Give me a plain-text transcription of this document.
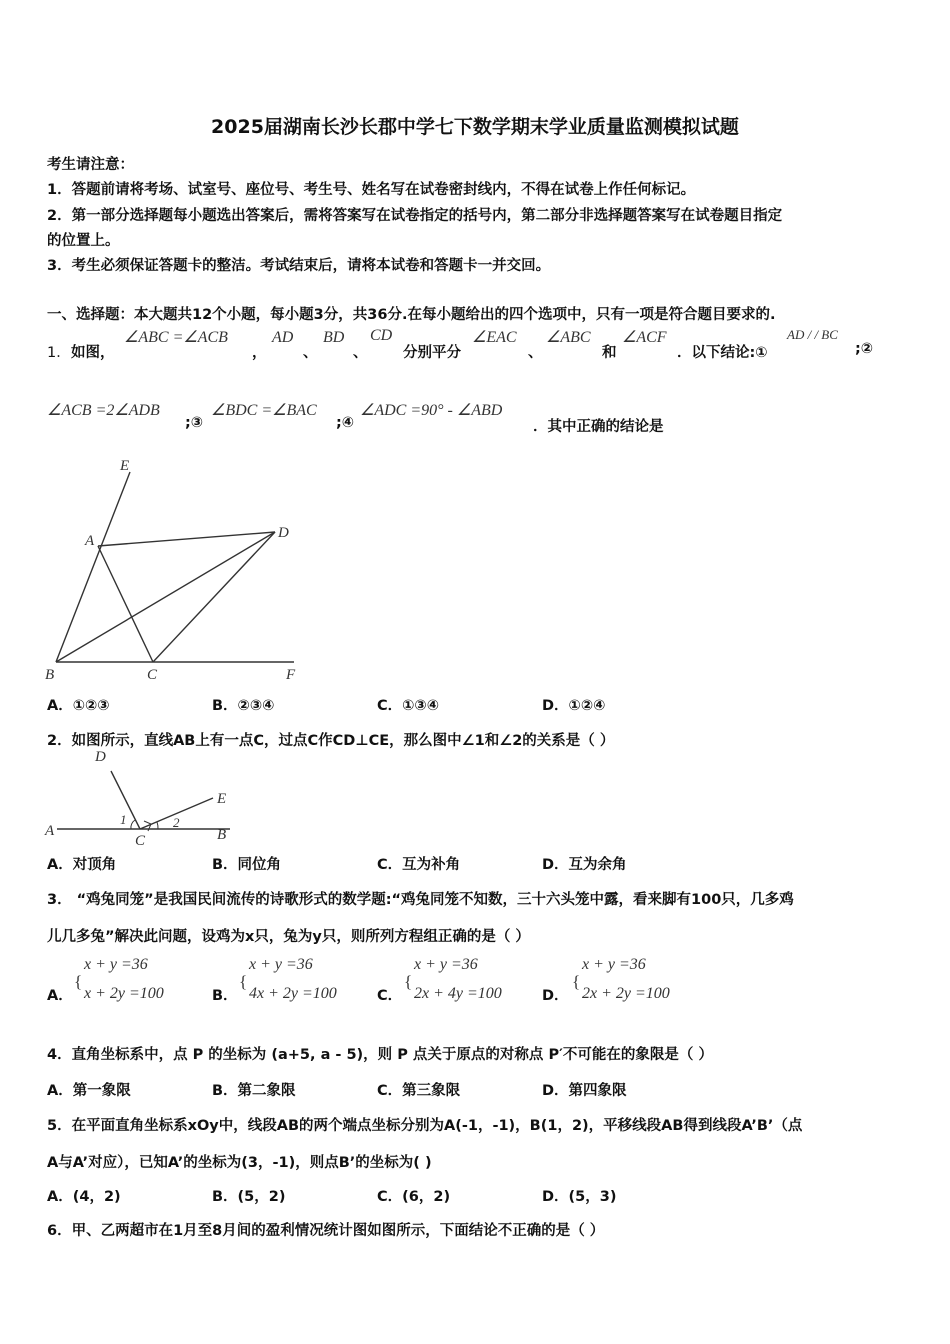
2025届湖南长沙长郡中学七下数学期末学业质量监测模拟试题
考生请注意：
1．答题前请将考场、试室号、座位号、考生号、姓名写在试卷密封线内，不得在试卷上作任何标记。
2．第一部分选择题每小题选出答案后，需将答案写在试卷指定的括号内，第二部分非选择题答案写在试卷题目指定
的位置上。
3．考生必须保证答题卡的整洁。考试结束后，请将本试卷和答题卡一并交回。
一、选择题：本大题共12个小题，每小题3分，共36分.在每小题给出的四个选项中，只有一项是符合题目要求的.
1． 如图，
∠ABC =∠ACB
，
AD
、
BD
、
CD
分别平分
∠EAC
、
∠ABC
和
∠ACF
．以下结论:①
AD / / BC
;②
∠ACB =2∠ADB
;③
∠BDC =∠BAC
;④
∠ADC =90° - ∠ABD
．其中正确的结论是
E
A	D
B	C	F
A．①②③	B．②③④	C．①③④	D．①②④
2．如图所示，直线AB上有一点C，过点C作CD⊥CE，那么图中∠1和∠2的关系是（ ）
D
E
A	B
C
1	2
A．对顶角	B．同位角	C．互为补角	D．互为余角
3． “鸡兔同笼”是我国民间流传的诗歌形式的数学题:“鸡兔同笼不知数，三十六头笼中露，看来脚有100只，几多鸡
儿几多兔”解决此问题，设鸡为x只，兔为y只，则所列方程组正确的是（ ）
A．
{
x + y =36
x + 2y =100	B．
{
x + y =36
4x + 2y =100	C．
{
x + y =36
2x + 4y =100	D．
{
x + y =36
2x + 2y =100
4．直角坐标系中，点 P 的坐标为 (a+5, a - 5)，则 P 点关于原点的对称点 P′不可能在的象限是（ ）
A．第一象限	B．第二象限	C．第三象限	D．第四象限
5．在平面直角坐标系xOy中，线段AB的两个端点坐标分别为A(-1，-1)，B(1，2)，平移线段AB得到线段A’B’（点
A与A’对应），已知A’的坐标为(3，-1)，则点B’的坐标为( )
A．(4，2)	B．(5，2)	C．(6，2)	D．(5，3)
6．甲、乙两超市在1月至8月间的盈利情况统计图如图所示，下面结论不正确的是（ ）
